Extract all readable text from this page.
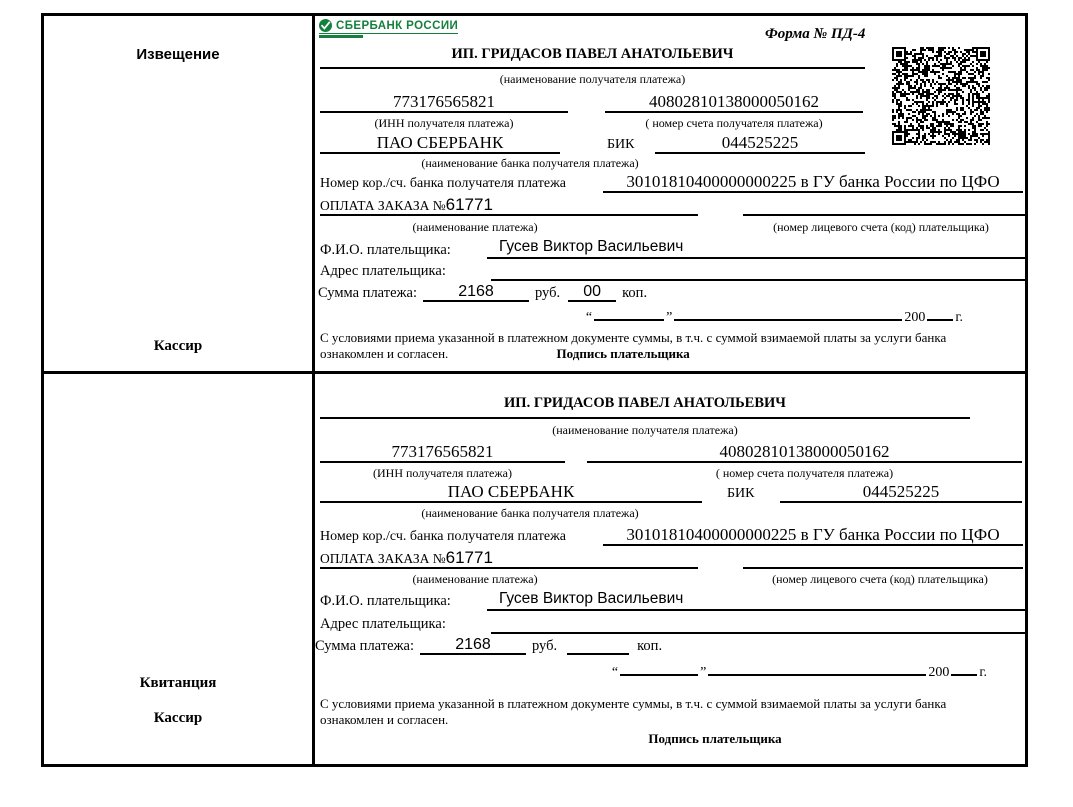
Извещение
Кассир
СБЕРБАНК РОССИИ
Форма № ПД-4
ИП. ГРИДАСОВ ПАВЕЛ АНАТОЛЬЕВИЧ
(наименование получателя платежа)
773176565821	40802810138000050162
(ИНН получателя платежа)	( номер счета получателя платежа)
ПАО СБЕРБАНК	БИК	044525225
(наименование банка получателя платежа)
Номер кор./сч. банка получателя платежа	30101810400000000225 в ГУ банка России по ЦФО
ОПЛАТА ЗАКАЗА №61771
(наименование платежа)	(номер лицевого счета (код) плательщика)
Ф.И.О. плательщика:	Гусев Виктор Васильевич
Адрес плательщика:
Сумма платежа:	2168	руб.	00	коп.
“	”	200 г.
С условиями приема указанной в платежном документе суммы, в т.ч. с суммой взимаемой платы за услуги банка
ознакомлен и согласен.	Подпись плательщика
Квитанция
Кассир
ИП. ГРИДАСОВ ПАВЕЛ АНАТОЛЬЕВИЧ
(наименование получателя платежа)
773176565821	40802810138000050162
(ИНН получателя платежа)	( номер счета получателя платежа)
ПАО СБЕРБАНК	БИК	044525225
(наименование банка получателя платежа)
Номер кор./сч. банка получателя платежа	30101810400000000225 в ГУ банка России по ЦФО
ОПЛАТА ЗАКАЗА №61771
(наименование платежа)	(номер лицевого счета (код) плательщика)
Ф.И.О. плательщика:	Гусев Виктор Васильевич
Адрес плательщика:
Сумма платежа:	2168	руб.	коп.
“	”	200 г.
С условиями приема указанной в платежном документе суммы, в т.ч. с суммой взимаемой платы за услуги банка
ознакомлен и согласен.
Подпись плательщика
